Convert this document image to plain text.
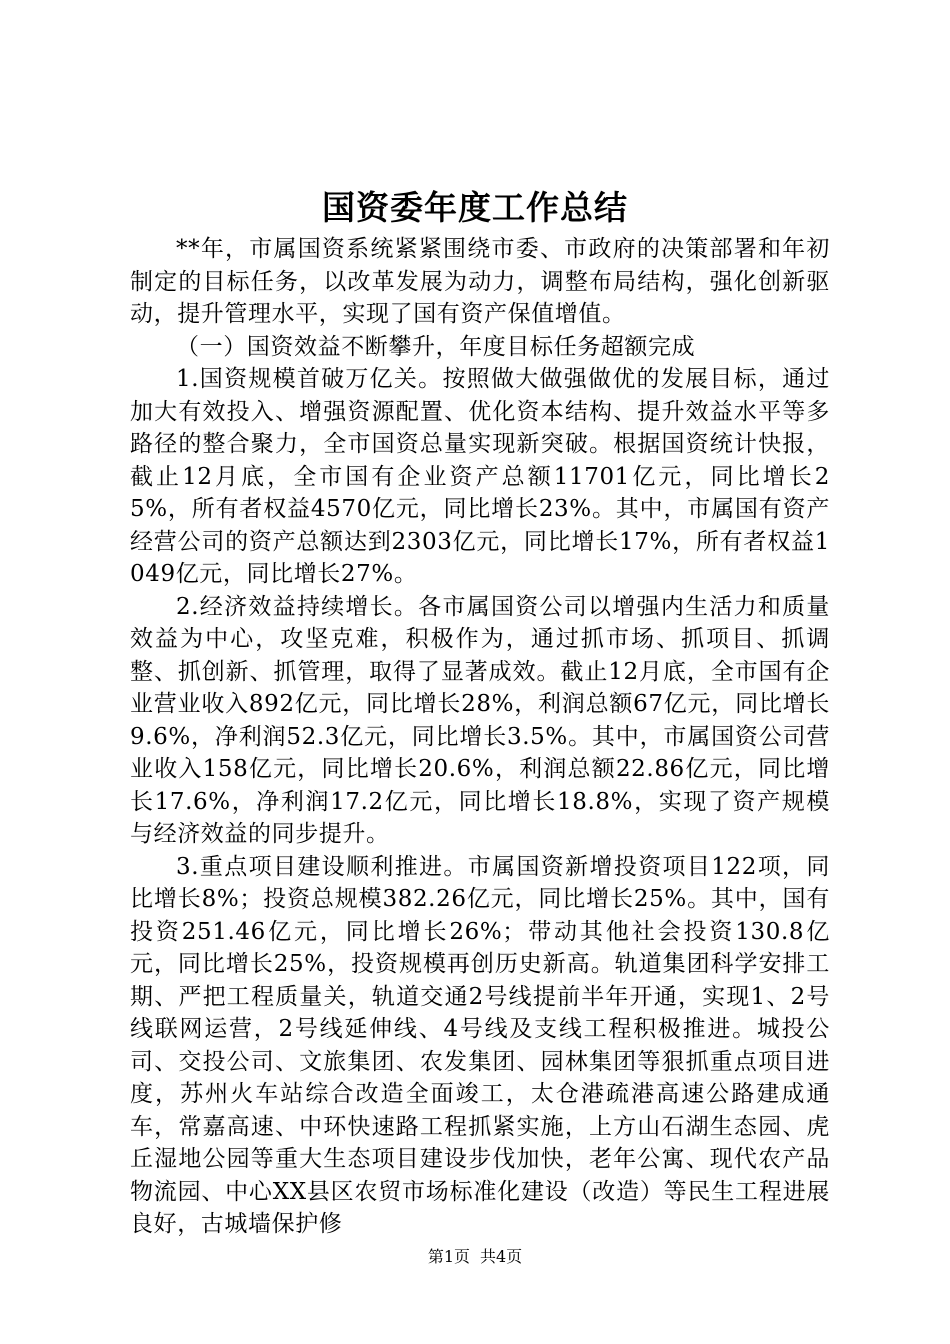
国资委年度工作总结

**年，市属国资系统紧紧围绕市委、市政府的决策部署和年初制定的目标任务，以改革发展为动力，调整布局结构，强化创新驱动，提升管理水平，实现了国有资产保值增值。

（一）国资效益不断攀升，年度目标任务超额完成

1.国资规模首破万亿关。按照做大做强做优的发展目标，通过加大有效投入、增强资源配置、优化资本结构、提升效益水平等多路径的整合聚力，全市国资总量实现新突破。根据国资统计快报，截止12月底，全市国有企业资产总额11701亿元，同比增长25%，所有者权益4570亿元，同比增长23%。其中，市属国有资产经营公司的资产总额达到2303亿元，同比增长17%，所有者权益1049亿元，同比增长27%。

2.经济效益持续增长。各市属国资公司以增强内生活力和质量效益为中心，攻坚克难，积极作为，通过抓市场、抓项目、抓调整、抓创新、抓管理，取得了显著成效。截止12月底，全市国有企业营业收入892亿元，同比增长28%，利润总额67亿元，同比增长9.6%，净利润52.3亿元，同比增长3.5%。其中，市属国资公司营业收入158亿元，同比增长20.6%，利润总额22.86亿元，同比增长17.6%，净利润17.2亿元，同比增长18.8%，实现了资产规模与经济效益的同步提升。

3.重点项目建设顺利推进。市属国资新增投资项目122项，同比增长8%；投资总规模382.26亿元，同比增长25%。其中，国有投资251.46亿元，同比增长26%；带动其他社会投资130.8亿元，同比增长25%，投资规模再创历史新高。轨道集团科学安排工期、严把工程质量关，轨道交通2号线提前半年开通，实现1、2号线联网运营，2号线延伸线、4号线及支线工程积极推进。城投公司、交投公司、文旅集团、农发集团、园林集团等狠抓重点项目进度，苏州火车站综合改造全面竣工，太仓港疏港高速公路建成通车，常嘉高速、中环快速路工程抓紧实施，上方山石湖生态园、虎丘湿地公园等重大生态项目建设步伐加快，老年公寓、现代农产品物流园、中心XX县区农贸市场标准化建设（改造）等民生工程进展良好，古城墙保护修

第1页 共4页
